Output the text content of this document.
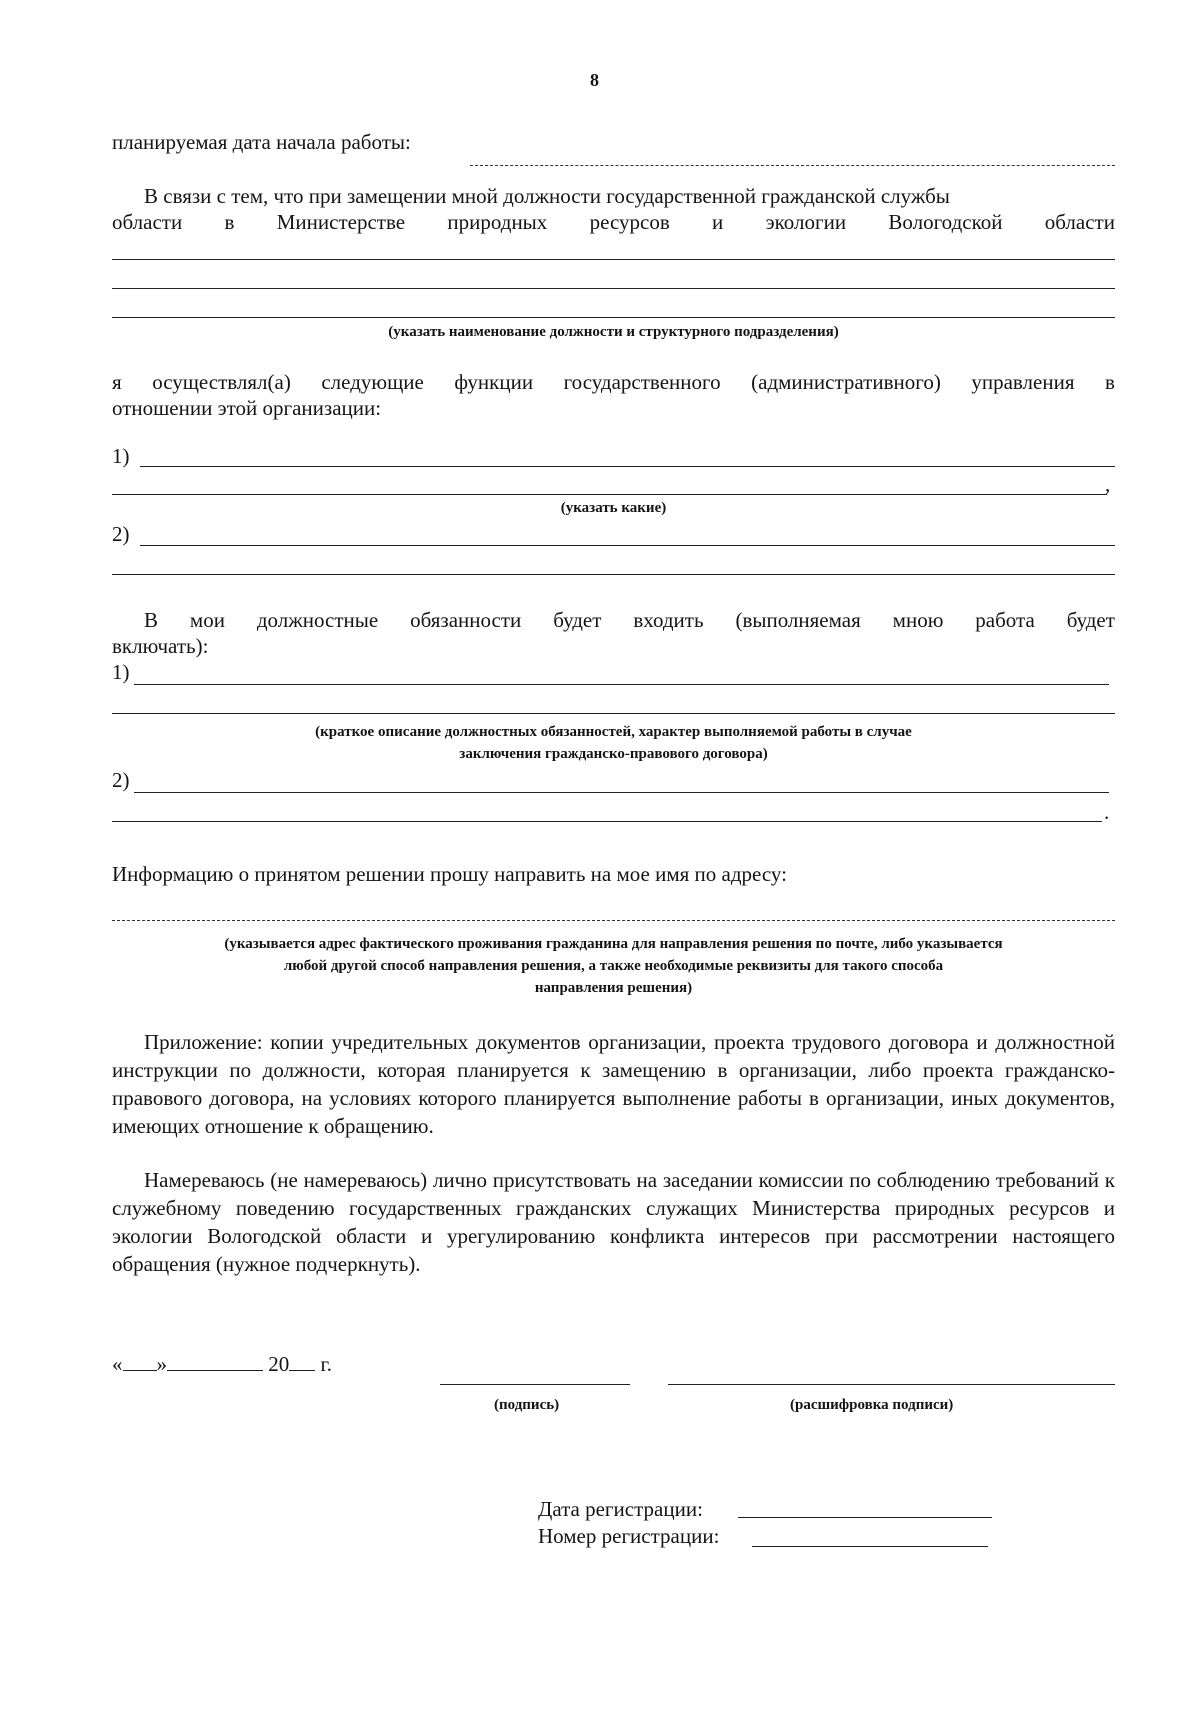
8
планируемая дата начала работы:
В связи с тем, что при замещении мной должности государственной гражданской службы
области в Министерстве природных ресурсов и экологии Вологодской области
(указать наименование должности и структурного подразделения)
я осуществлял(а) следующие функции государственного (административного) управления в
отношении этой организации:
1)
,
(указать какие)
2)
В мои должностные обязанности будет входить (выполняемая мною работа будет
включать):
1)
(краткое описание должностных обязанностей, характер выполняемой работы в случае
заключения гражданско-правового договора)
2)
.
Информацию о принятом решении прошу направить на мое имя по адресу:
(указывается адрес фактического проживания гражданина для направления решения по почте, либо указывается
любой другой способ направления решения, а также необходимые реквизиты для такого способа
направления решения)
Приложение: копии учредительных документов организации, проекта трудового договора и должностной инструкции по должности, которая планируется к замещению в организации, либо проекта гражданско-правового договора, на условиях которого планируется выполнение работы в организации, иных документов, имеющих отношение к обращению.
Намереваюсь (не намереваюсь) лично присутствовать на заседании комиссии по соблюдению требований к служебному поведению государственных гражданских служащих Министерства природных ресурсов и экологии Вологодской области и урегулированию конфликта интересов при рассмотрении настоящего обращения (нужное подчеркнуть).
« »	20 г.
(подпись)	(расшифровка подписи)
Дата регистрации:
Номер регистрации:
